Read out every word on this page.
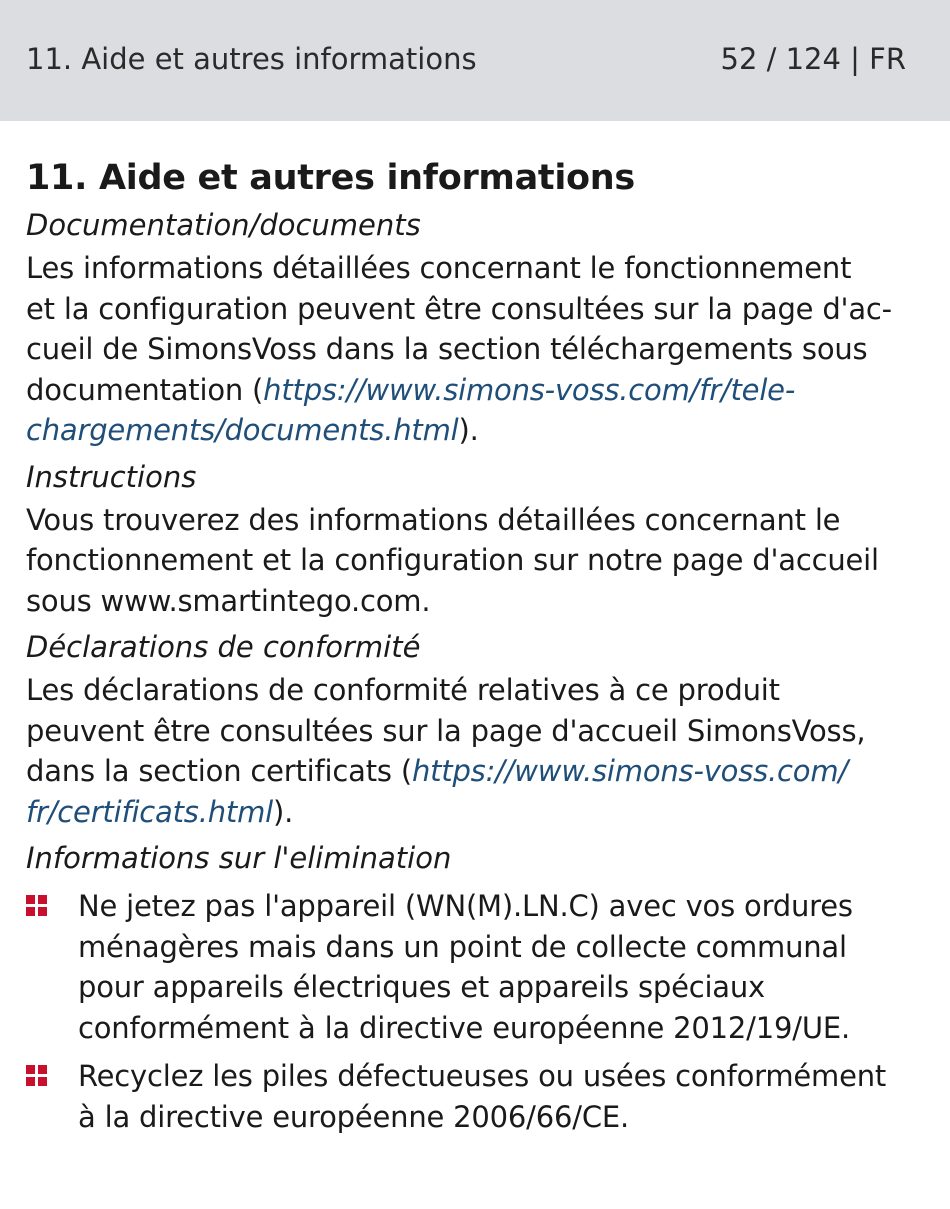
11. Aide et autres informations	52 / 124 | FR
11. Aide et autres informations
Documentation/documents

Les informations détaillées concernant le fonctionnement
et la configuration peuvent être consultées sur la page d'ac-
cueil de SimonsVoss dans la section téléchargements sous
documentation (https://www.simons-voss.com/fr/tele-
chargements/documents.html).

Instructions

Vous trouverez des informations détaillées concernant le
fonctionnement et la configuration sur notre page d'accueil
sous www.smartintego.com.

Déclarations de conformité

Les déclarations de conformité relatives à ce produit
peuvent être consultées sur la page d'accueil SimonsVoss,
dans la section certificats (https://www.simons-voss.com/
fr/certificats.html).

Informations sur l'elimination
Ne jetez pas l'appareil (WN(M).LN.C) avec vos ordures
ménagères mais dans un point de collecte communal
pour appareils électriques et appareils spéciaux
conformément à la directive européenne 2012/19/UE.
Recyclez les piles défectueuses ou usées conformément
à la directive européenne 2006/66/CE.
